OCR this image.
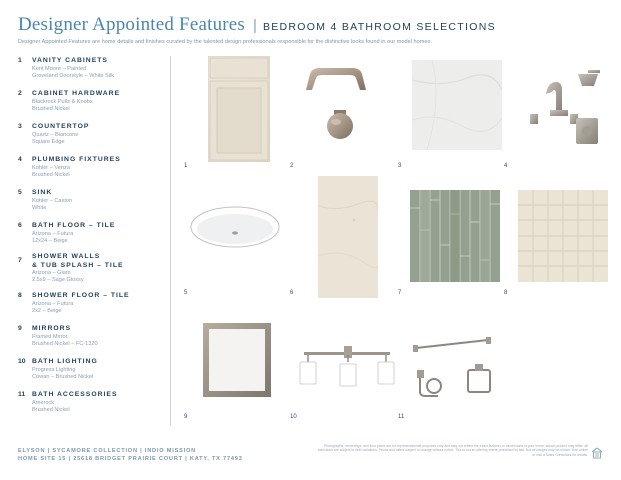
Designer Appointed Features | BEDROOM 4 BATHROOM SELECTIONS
Designer Appointed Features are home details and finishes curated by the talented design professionals responsible for the distinctive looks found in our model homes.
1 VANITY CABINETS
Kent Moore – Painted
Groveland Doorstyle – White Silk
2 CABINET HARDWARE
Blackrock Pulls & Knobs
Brushed Nickel
3 COUNTERTOP
Quartz – Biancone
Square Edge
4 PLUMBING FIXTURES
Kohler – Venza
Brushed Nickel
5 SINK
Kohler – Caxton
White
6 BATH FLOOR – TILE
Arizona – Futura
12x24 – Beige
7
SHOWER WALLS
& TUB SPLASH – TILE
Arizona – Glam
2.5x9 – Sage Glossy
8 SHOWER FLOOR – TILE
Arizona – Futura
2x2 – Beige
9 MIRRORS
Framed Mirror
Brushed Nickel – FC-1320
10 BATH LIGHTING
Progress Lighting
Cowan – Brushed Nickel
11 BATH ACCESSORIES
Amerock
Brushed Nickel
1	2	3	4
5	6	7	8
9	10	11
ELYSON | SYCAMORE COLLECTION | INDIO MISSION
HOME SITE 15 | 25618 BRIDGET PRAIRIE COURT | KATY, TX 77493
Photographs, renderings, and floor plans are for representational purposes only and may not reflect the exact features or dimensions of your home; actual product may differ. All selections are subject to field variations. Prices and offers subject to change without notice. This is not an offering where prohibited by law. Not all images may be shown. See online or visit a Sales Consultant for details.
